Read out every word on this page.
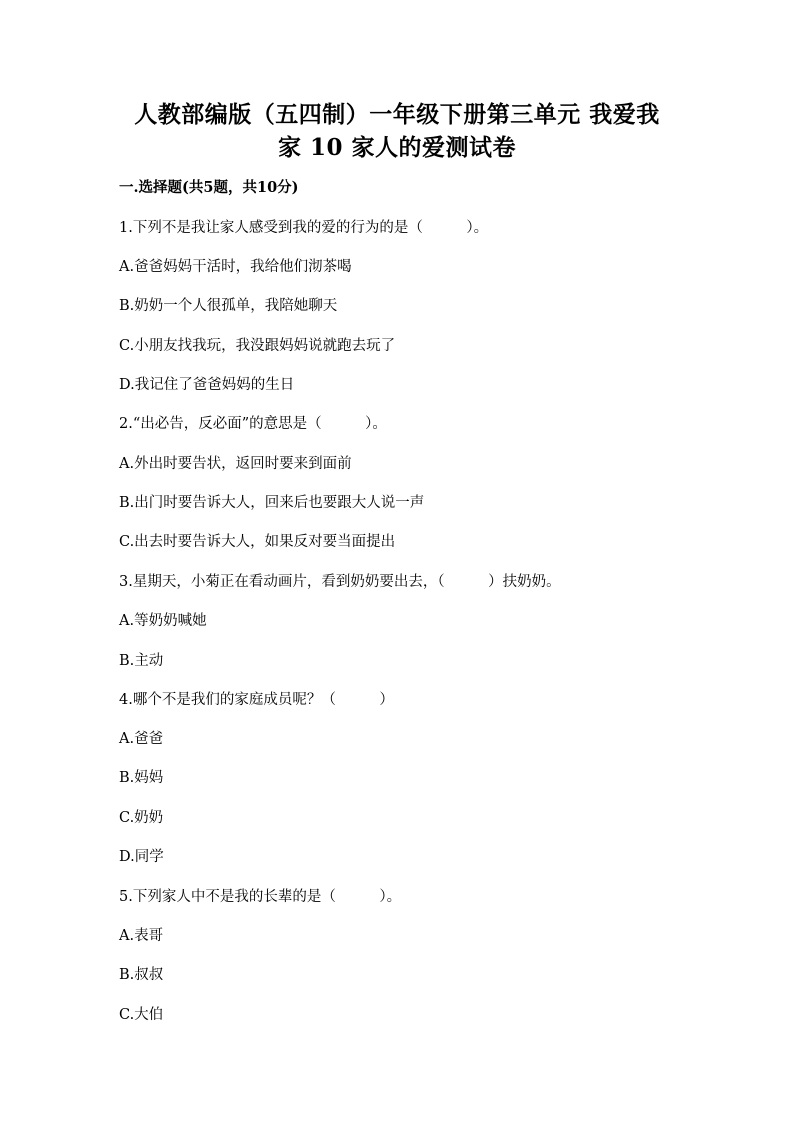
人教部编版（五四制）一年级下册第三单元 我爱我
家 10 家人的爱测试卷
一.选择题(共5题，共10分)
1.下列不是我让家人感受到我的爱的行为的是（　　　）。
A.爸爸妈妈干活时，我给他们沏茶喝
B.奶奶一个人很孤单，我陪她聊天
C.小朋友找我玩，我没跟妈妈说就跑去玩了
D.我记住了爸爸妈妈的生日
2.“出必告，反必面”的意思是（　　　）。
A.外出时要告状，返回时要来到面前
B.出门时要告诉大人，回来后也要跟大人说一声
C.出去时要告诉大人，如果反对要当面提出
3.星期天，小菊正在看动画片，看到奶奶要出去，（　　　）扶奶奶。
A.等奶奶喊她
B.主动
4.哪个不是我们的家庭成员呢？（　　　）
A.爸爸
B.妈妈
C.奶奶
D.同学
5.下列家人中不是我的长辈的是（　　　）。
A.表哥
B.叔叔
C.大伯
